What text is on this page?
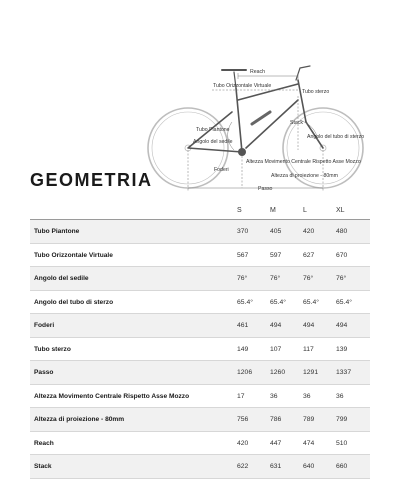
Reach
Tubo Orizzontale Virtuale
Tubo sterzo
Stack
Angolo del tubo di sterzo
Tubo Piantone
Angolo del sedile
Foderi
Altezza Movimento Centrale Rispetto Asse Mozzo
Altezza di proiezione - 80mm
Passo
GEOMETRIA
S	M	L	XL
Tubo Piantone	370	405	420	480
Tubo Orizzontale Virtuale	567	597	627	670
Angolo del sedile	76°	76°	76°	76°
Angolo del tubo di sterzo	65.4°	65.4°	65.4°	65.4°
Foderi	461	494	494	494
Tubo sterzo	149	107	117	139
Passo	1206	1260	1291	1337
Altezza Movimento Centrale Rispetto Asse Mozzo	17	36	36	36
Altezza di proiezione - 80mm	756	786	789	799
Reach	420	447	474	510
Stack	622	631	640	660
